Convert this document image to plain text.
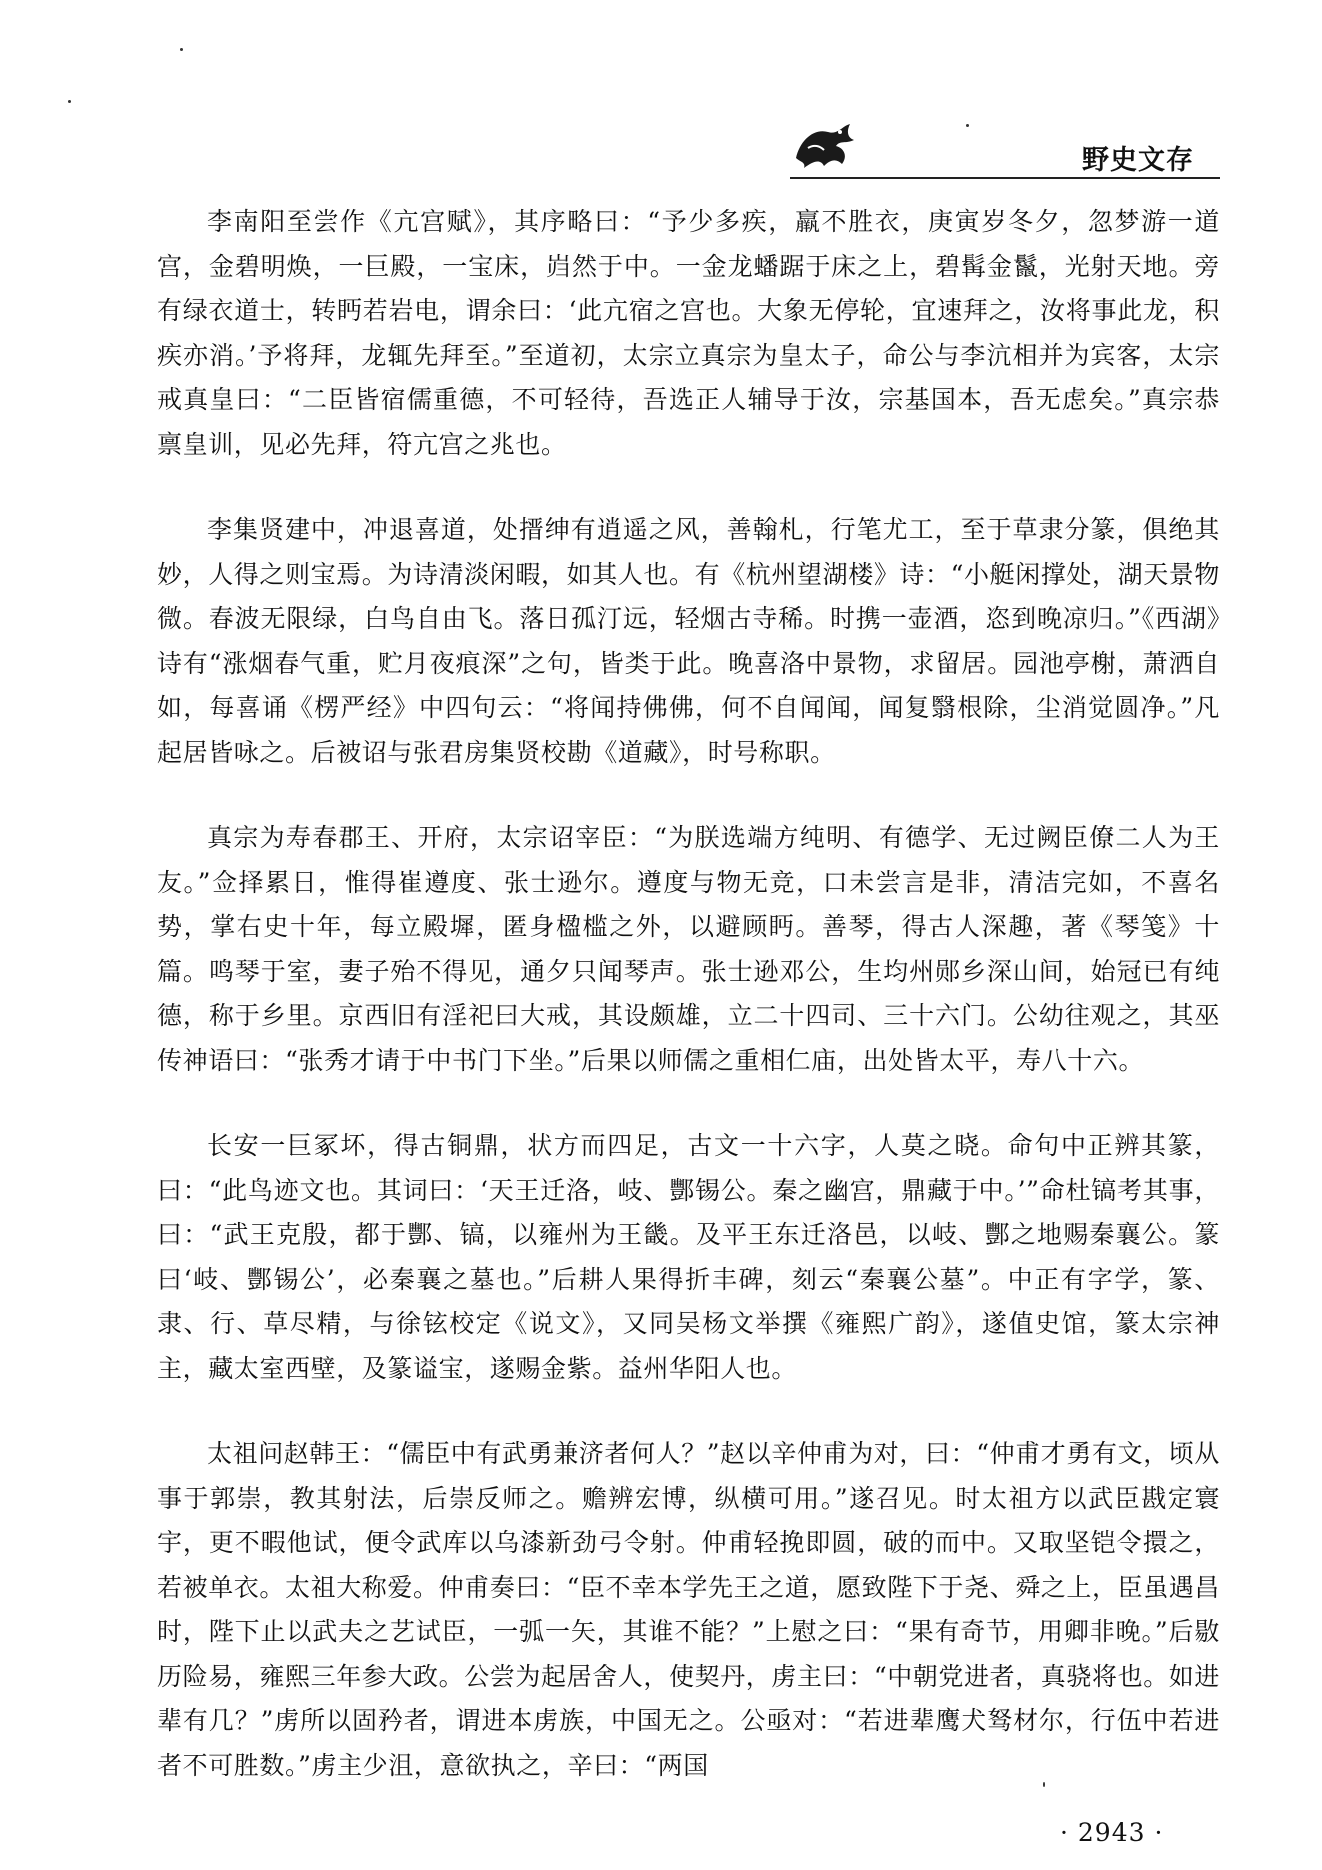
野史文存

李南阳至尝作《亢宫赋》，其序略曰：“予少多疾，羸不胜衣，庚寅岁冬夕，忽梦游一道宫，金碧明焕，一巨殿，一宝床，岿然于中。一金龙蟠踞于床之上，碧髯金鬣，光射天地。旁有绿衣道士，转眄若岩电，谓余曰：‘此亢宿之宫也。大象无停轮，宜速拜之，汝将事此龙，积疾亦消。’予将拜，龙辄先拜至。”至道初，太宗立真宗为皇太子，命公与李沆相并为宾客，太宗戒真皇曰：“二臣皆宿儒重德，不可轻待，吾选正人辅导于汝，宗基国本，吾无虑矣。”真宗恭禀皇训，见必先拜，符亢宫之兆也。

李集贤建中，冲退喜道，处搢绅有逍遥之风，善翰札，行笔尤工，至于草隶分篆，俱绝其妙，人得之则宝焉。为诗清淡闲暇，如其人也。有《杭州望湖楼》诗：“小艇闲撑处，湖天景物微。春波无限绿，白鸟自由飞。落日孤汀远，轻烟古寺稀。时携一壶酒，恣到晚凉归。”《西湖》诗有“涨烟春气重，贮月夜痕深”之句，皆类于此。晚喜洛中景物，求留居。园池亭榭，萧洒自如，每喜诵《楞严经》中四句云：“将闻持佛佛，何不自闻闻，闻复翳根除，尘消觉圆净。”凡起居皆咏之。后被诏与张君房集贤校勘《道藏》，时号称职。

真宗为寿春郡王、开府，太宗诏宰臣：“为朕选端方纯明、有德学、无过阙臣僚二人为王友。”佥择累日，惟得崔遵度、张士逊尔。遵度与物无竞，口未尝言是非，清洁完如，不喜名势，掌右史十年，每立殿墀，匿身楹槛之外，以避顾眄。善琴，得古人深趣，著《琴笺》十篇。鸣琴于室，妻子殆不得见，通夕只闻琴声。张士逊邓公，生均州郧乡深山间，始冠已有纯德，称于乡里。京西旧有淫祀曰大戒，其设颇雄，立二十四司、三十六门。公幼往观之，其巫传神语曰：“张秀才请于中书门下坐。”后果以师儒之重相仁庙，出处皆太平，寿八十六。

长安一巨冢坏，得古铜鼎，状方而四足，古文一十六字，人莫之晓。命句中正辨其篆，曰：“此鸟迹文也。其词曰：‘天王迁洛，岐、酆锡公。秦之幽宫，鼎藏于中。’”命杜镐考其事，曰：“武王克殷，都于酆、镐，以雍州为王畿。及平王东迁洛邑，以岐、酆之地赐秦襄公。篆曰‘岐、酆锡公’，必秦襄之墓也。”后耕人果得折丰碑，刻云“秦襄公墓”。中正有字学，篆、隶、行、草尽精，与徐铉校定《说文》，又同吴杨文举撰《雍熙广韵》，遂值史馆，篆太宗神主，藏太室西壁，及篆谥宝，遂赐金紫。益州华阳人也。

太祖问赵韩王：“儒臣中有武勇兼济者何人？”赵以辛仲甫为对，曰：“仲甫才勇有文，顷从事于郭崇，教其射法，后崇反师之。赡辨宏博，纵横可用。”遂召见。时太祖方以武臣戡定寰宇，更不暇他试，便令武库以乌漆新劲弓令射。仲甫轻挽即圆，破的而中。又取坚铠令擐之，若被单衣。太祖大称爱。仲甫奏曰：“臣不幸本学先王之道，愿致陛下于尧、舜之上，臣虽遇昌时，陛下止以武夫之艺试臣，一弧一矢，其谁不能？”上慰之曰：“果有奇节，用卿非晚。”后敭历险易，雍熙三年参大政。公尝为起居舍人，使契丹，虏主曰：“中朝党进者，真骁将也。如进辈有几？”虏所以固矜者，谓进本虏族，中国无之。公亟对：“若进辈鹰犬驽材尔，行伍中若进者不可胜数。”虏主少沮，意欲执之，辛曰：“两国

· 2943 ·
